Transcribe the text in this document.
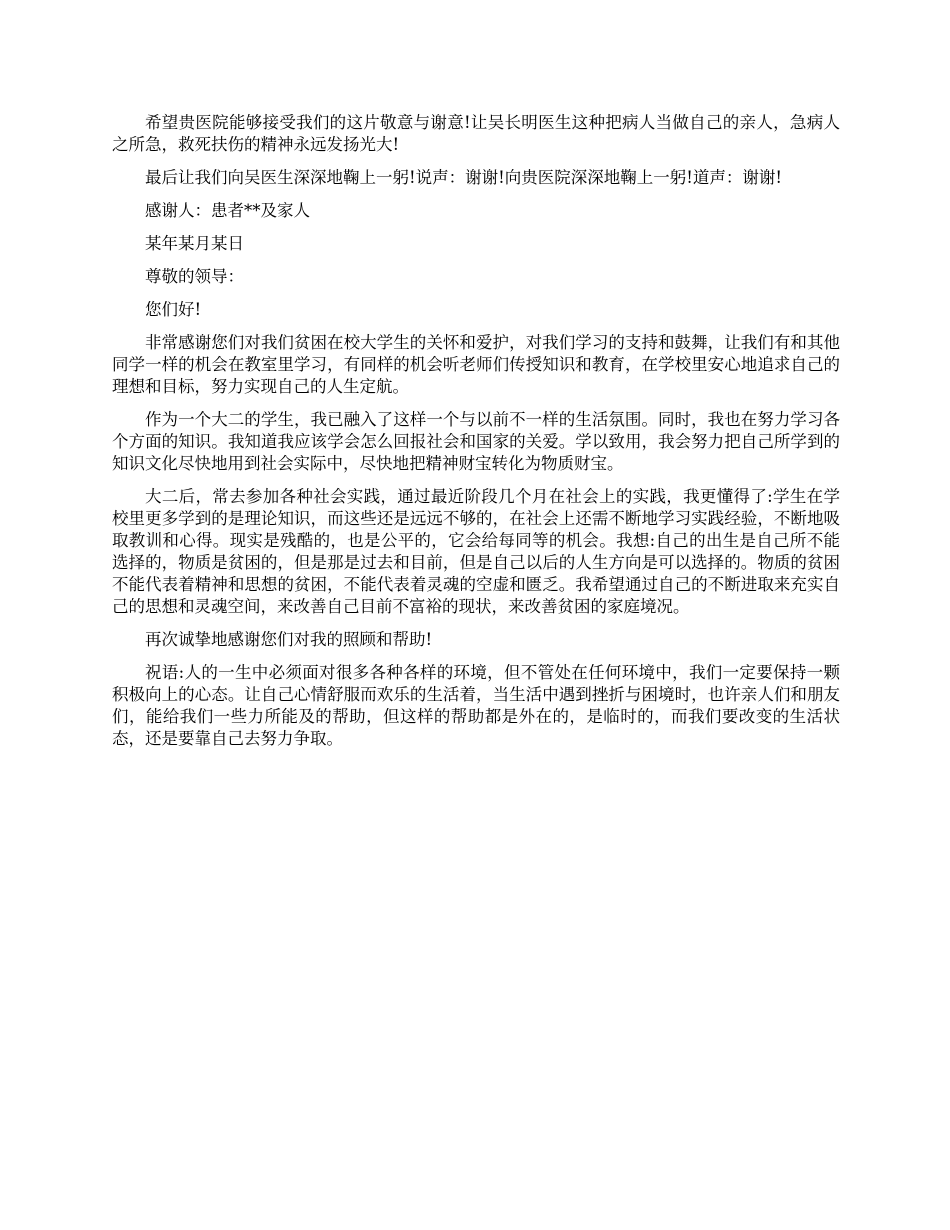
希望贵医院能够接受我们的这片敬意与谢意!让吴长明医生这种把病人当做自己的亲人，急病人之所急，救死扶伤的精神永远发扬光大!

最后让我们向吴医生深深地鞠上一躬!说声：谢谢!向贵医院深深地鞠上一躬!道声：谢谢!

感谢人：患者**及家人

某年某月某日

尊敬的领导：

您们好!

非常感谢您们对我们贫困在校大学生的关怀和爱护，对我们学习的支持和鼓舞，让我们有和其他同学一样的机会在教室里学习，有同样的机会听老师们传授知识和教育，在学校里安心地追求自己的理想和目标，努力实现自己的人生定航。

作为一个大二的学生，我已融入了这样一个与以前不一样的生活氛围。同时，我也在努力学习各个方面的知识。我知道我应该学会怎么回报社会和国家的关爱。学以致用，我会努力把自己所学到的知识文化尽快地用到社会实际中，尽快地把精神财宝转化为物质财宝。

大二后，常去参加各种社会实践，通过最近阶段几个月在社会上的实践，我更懂得了:学生在学校里更多学到的是理论知识，而这些还是远远不够的，在社会上还需不断地学习实践经验，不断地吸取教训和心得。现实是残酷的，也是公平的，它会给每同等的机会。我想:自己的出生是自己所不能选择的，物质是贫困的，但是那是过去和目前，但是自己以后的人生方向是可以选择的。物质的贫困不能代表着精神和思想的贫困，不能代表着灵魂的空虚和匮乏。我希望通过自己的不断进取来充实自己的思想和灵魂空间，来改善自己目前不富裕的现状，来改善贫困的家庭境况。

再次诚挚地感谢您们对我的照顾和帮助!

祝语:人的一生中必须面对很多各种各样的环境，但不管处在任何环境中，我们一定要保持一颗积极向上的心态。让自己心情舒服而欢乐的生活着，当生活中遇到挫折与困境时，也许亲人们和朋友们，能给我们一些力所能及的帮助，但这样的帮助都是外在的，是临时的，而我们要改变的生活状态，还是要靠自己去努力争取。
